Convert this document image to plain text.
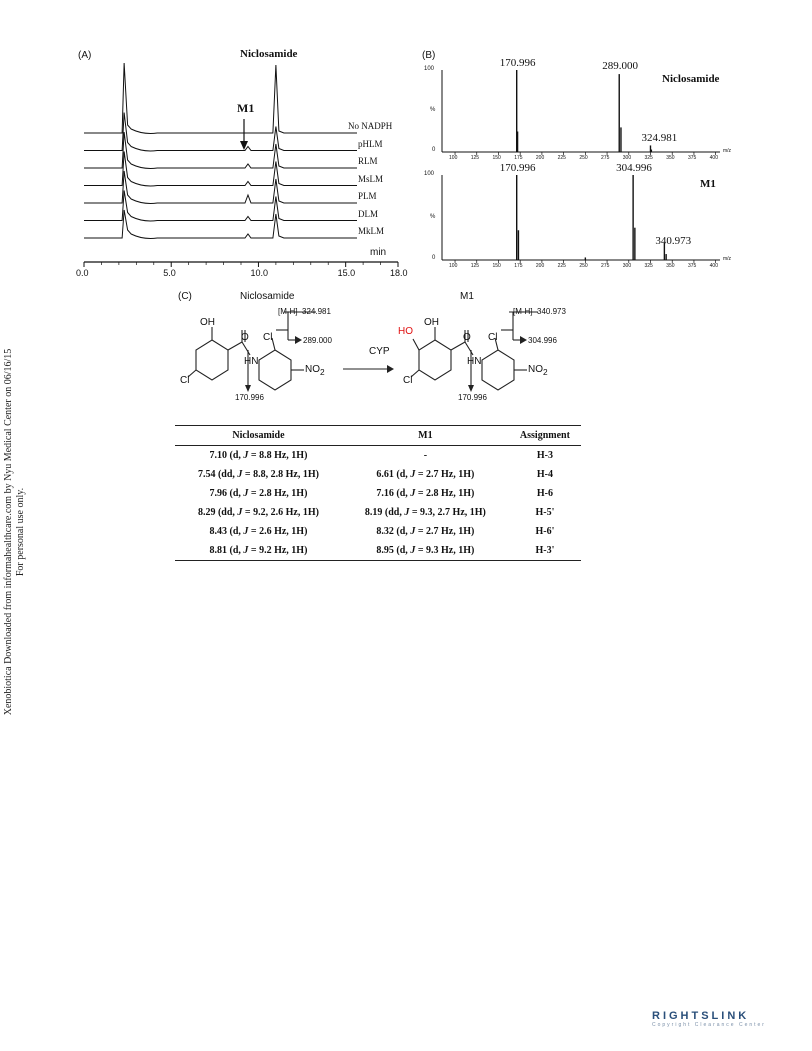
Xenobiotica Downloaded from informahealthcare.com by Nyu Medical Center on 06/16/15 For personal use only.
(A)	Niclosamide
M1
No NADPH
pHLM
RLM
MsLM
PLM
DLM
MkLM
0.0	5.0	10.0	15.0	18.0
min
(B)
100
%
0
100	125	150	175	200	225	250	275	300	325	350	375	400
m/z
Niclosamide
170.996	289.000
324.981
100
%
0
100	125	150	175	200	225	250	275	300	325	350	375	400
m/z
M1
170.996	304.996
340.973
(C)	Niclosamide	M1
OH
O Cl
HN
Cl
$NO_2$
[M-H] 324.981
289.000
170.996
CYP
HO
OH
O Cl
HN
Cl
$NO_2$
[M-H] 340.973
304.996
170.996
Niclosamide	M1	Assignment
7.10 (d, J = 8.8 Hz, 1H)	-	H-3
7.54 (dd, J = 8.8, 2.8 Hz, 1H)	6.61 (d, J = 2.7 Hz, 1H)	H-4
7.96 (d, J = 2.8 Hz, 1H)	7.16 (d, J = 2.8 Hz, 1H)	H-6
8.29 (dd, J = 9.2, 2.6 Hz, 1H)	8.19 (dd, J = 9.3, 2.7 Hz, 1H)	H-5'
8.43 (d, J = 2.6 Hz, 1H)	8.32 (d, J = 2.7 Hz, 1H)	H-6'
8.81 (d, J = 9.2 Hz, 1H)	8.95 (d, J = 9.3 Hz, 1H)	H-3'
RIGHTSLINK
Copyright Clearance Center
